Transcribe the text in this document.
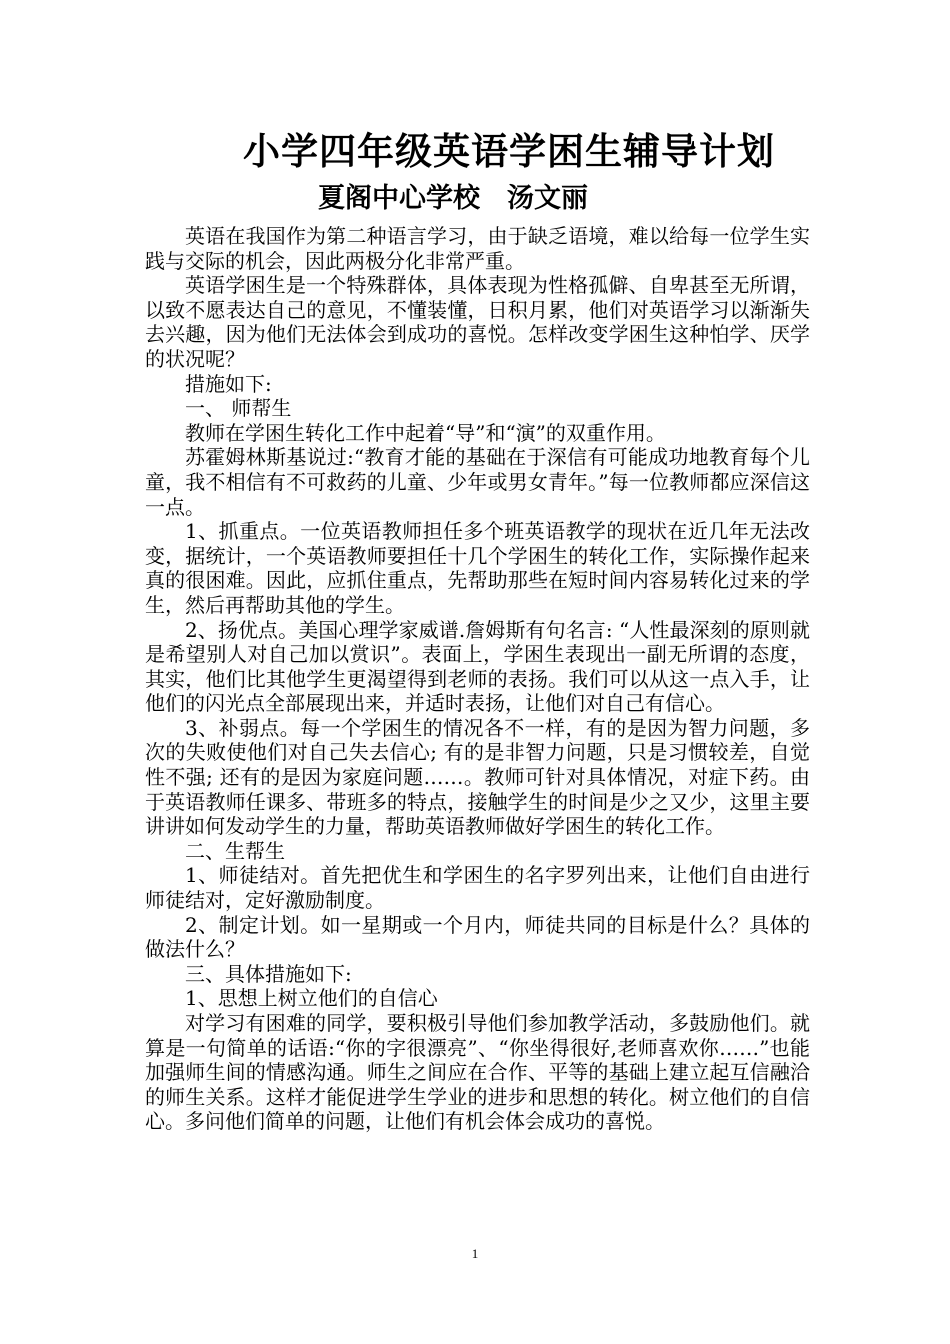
小学四年级英语学困生辅导计划
夏阁中心学校　汤文丽

英语在我国作为第二种语言学习，由于缺乏语境，难以给每一位学生实践与交际的机会，因此两极分化非常严重。

英语学困生是一个特殊群体，具体表现为性格孤僻、自卑甚至无所谓，以致不愿表达自己的意见，不懂装懂，日积月累，他们对英语学习以渐渐失去兴趣，因为他们无法体会到成功的喜悦。怎样改变学困生这种怕学、厌学的状况呢？

措施如下:

一、 师帮生

教师在学困生转化工作中起着“导”和“演”的双重作用。

苏霍姆林斯基说过:“教育才能的基础在于深信有可能成功地教育每个儿童，我不相信有不可救药的儿童、少年或男女青年。”每一位教师都应深信这一点。

1、抓重点。一位英语教师担任多个班英语教学的现状在近几年无法改变，据统计，一个英语教师要担任十几个学困生的转化工作，实际操作起来真的很困难。因此，应抓住重点，先帮助那些在短时间内容易转化过来的学生，然后再帮助其他的学生。

2、扬优点。美国心理学家威谱.詹姆斯有句名言: “人性最深刻的原则就是希望别人对自己加以赏识”。表面上，学困生表现出一副无所谓的态度，其实，他们比其他学生更渴望得到老师的表扬。我们可以从这一点入手，让他们的闪光点全部展现出来，并适时表扬，让他们对自己有信心。

3、补弱点。每一个学困生的情况各不一样，有的是因为智力问题，多次的失败使他们对自己失去信心; 有的是非智力问题，只是习惯较差，自觉性不强; 还有的是因为家庭问题……。教师可针对具体情况，对症下药。由于英语教师任课多、带班多的特点，接触学生的时间是少之又少，这里主要讲讲如何发动学生的力量，帮助英语教师做好学困生的转化工作。

二、生帮生

1、师徒结对。首先把优生和学困生的名字罗列出来，让他们自由进行师徒结对，定好激励制度。

2、制定计划。如一星期或一个月内，师徒共同的目标是什么？具体的做法什么？

三、具体措施如下:

1、思想上树立他们的自信心

对学习有困难的同学，要积极引导他们参加教学活动，多鼓励他们。就算是一句简单的话语:“你的字很漂亮”、“你坐得很好,老师喜欢你……”也能加强师生间的情感沟通。师生之间应在合作、平等的基础上建立起互信融洽的师生关系。这样才能促进学生学业的进步和思想的转化。树立他们的自信心。多问他们简单的问题，让他们有机会体会成功的喜悦。

1
